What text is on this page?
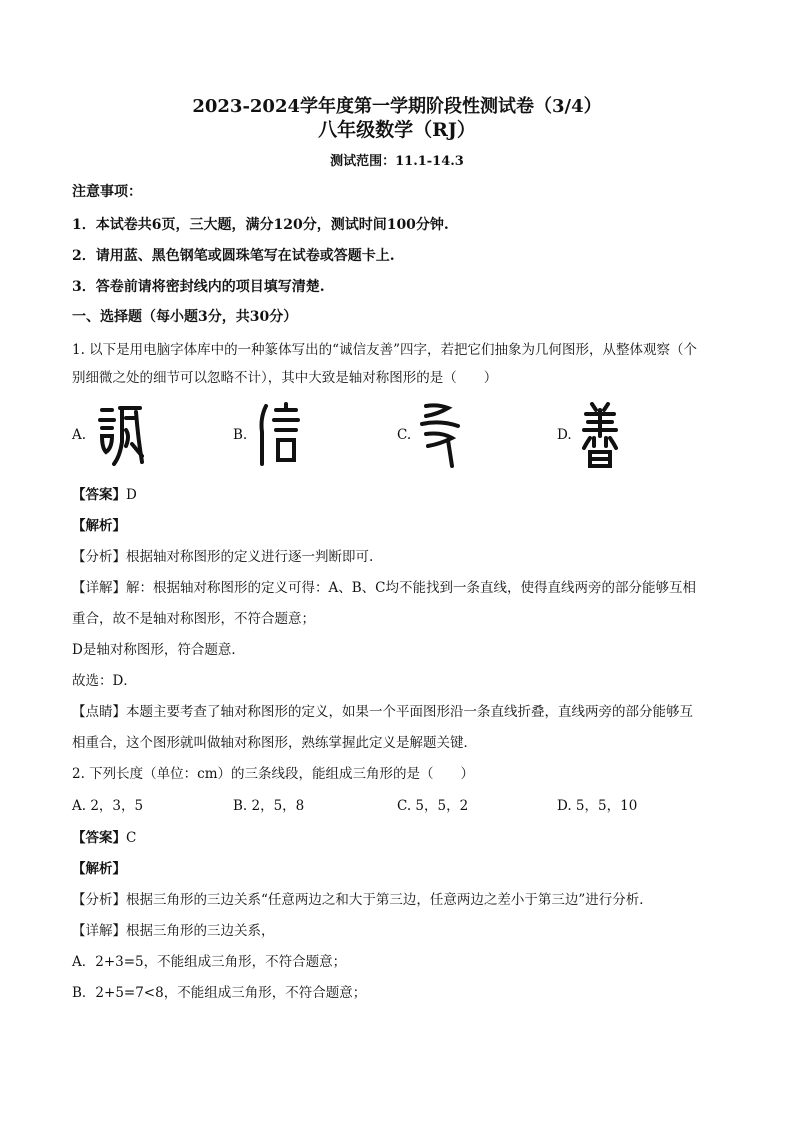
2023-2024学年度第一学期阶段性测试卷（3/4）
八年级数学（RJ）
测试范围：11.1-14.3
注意事项：
1．本试卷共6页，三大题，满分120分，测试时间100分钟.
2．请用蓝、黑色钢笔或圆珠笔写在试卷或答题卡上.
3．答卷前请将密封线内的项目填写清楚.
一、选择题（每小题3分，共30分）
1. 以下是用电脑字体库中的一种篆体写出的“诚信友善”四字，若把它们抽象为几何图形，从整体观察（个
别细微之处的细节可以忽略不计），其中大致是轴对称图形的是（　　）
A.	B.	C.	D.
【答案】D
【解析】
【分析】根据轴对称图形的定义进行逐一判断即可.
【详解】解：根据轴对称图形的定义可得：A、B、C均不能找到一条直线，使得直线两旁的部分能够互相
重合，故不是轴对称图形，不符合题意；
D是轴对称图形，符合题意．
故选：D．
【点睛】本题主要考查了轴对称图形的定义，如果一个平面图形沿一条直线折叠，直线两旁的部分能够互
相重合，这个图形就叫做轴对称图形，熟练掌握此定义是解题关键．
2. 下列长度（单位：cm）的三条线段，能组成三角形的是（　　）
A. 2，3，5	B. 2，5，8	C. 5，5，2	D. 5，5，10
【答案】C
【解析】
【分析】根据三角形的三边关系“任意两边之和大于第三边，任意两边之差小于第三边”进行分析．
【详解】根据三角形的三边关系，
A．2+3=5，不能组成三角形，不符合题意；
B．2+5=7<8，不能组成三角形，不符合题意；
